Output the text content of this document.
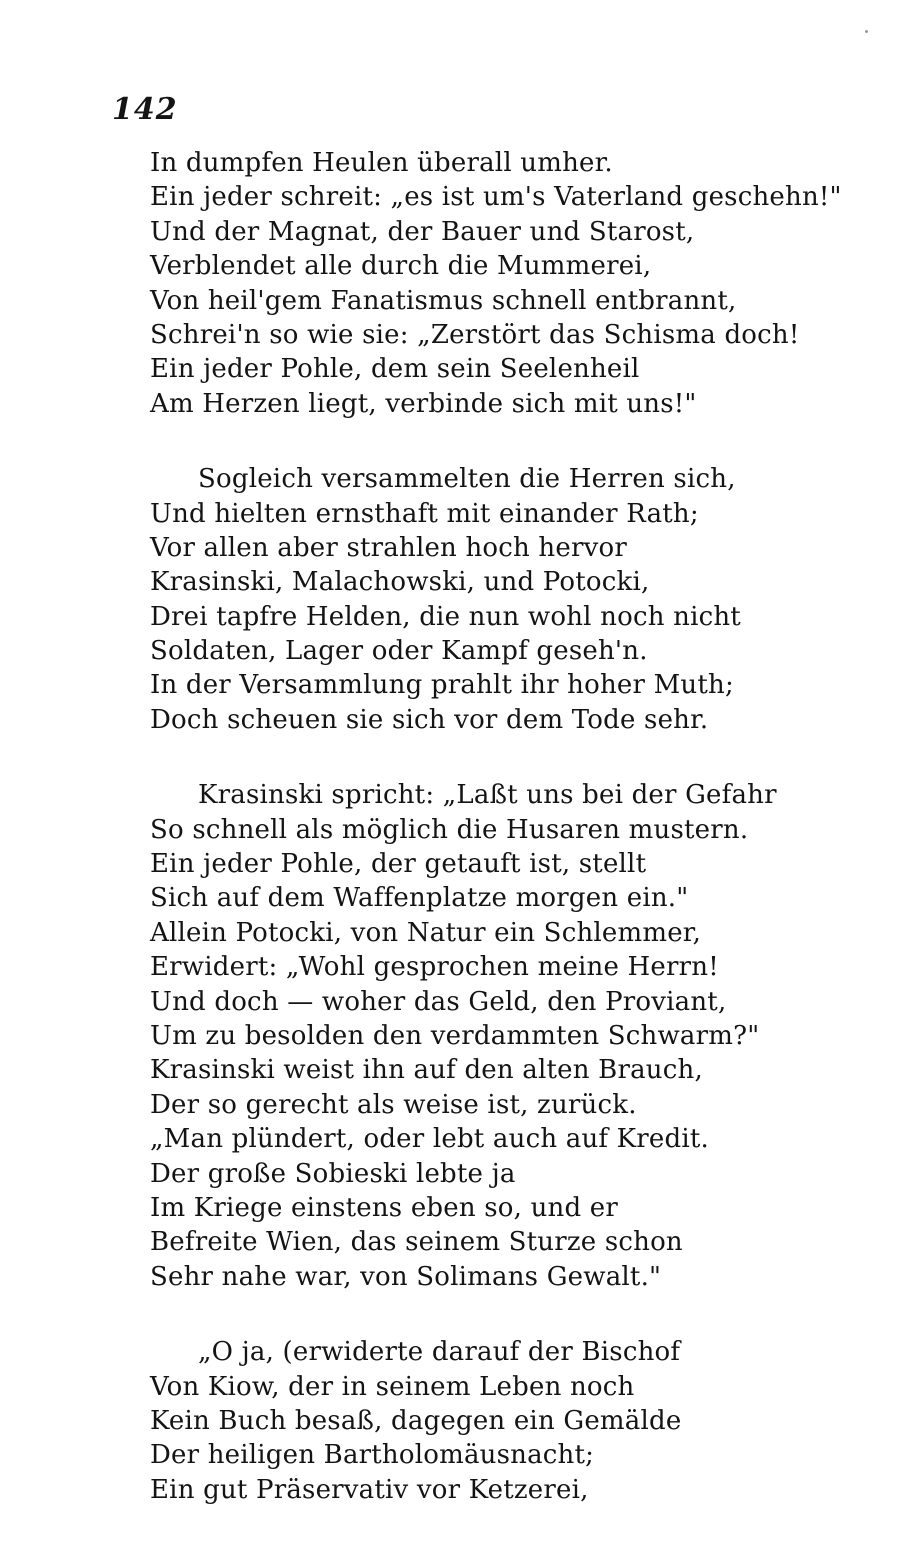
142
In dumpfen Heulen überall umher.
Ein jeder schreit: „es ist um's Vaterland geschehn!"
Und der Magnat, der Bauer und Starost,
Verblendet alle durch die Mummerei,
Von heil'gem Fanatismus schnell entbrannt,
Schrei'n so wie sie: „Zerstört das Schisma doch!
Ein jeder Pohle, dem sein Seelenheil
Am Herzen liegt, verbinde sich mit uns!"
Sogleich versammelten die Herren sich,
Und hielten ernsthaft mit einander Rath;
Vor allen aber strahlen hoch hervor
Krasinski, Malachowski, und Potocki,
Drei tapfre Helden, die nun wohl noch nicht
Soldaten, Lager oder Kampf geseh'n.
In der Versammlung prahlt ihr hoher Muth;
Doch scheuen sie sich vor dem Tode sehr.
Krasinski spricht: „Laßt uns bei der Gefahr
So schnell als möglich die Husaren mustern.
Ein jeder Pohle, der getauft ist, stellt
Sich auf dem Waffenplatze morgen ein."
Allein Potocki, von Natur ein Schlemmer,
Erwidert: „Wohl gesprochen meine Herrn!
Und doch — woher das Geld, den Proviant,
Um zu besolden den verdammten Schwarm?"
Krasinski weist ihn auf den alten Brauch,
Der so gerecht als weise ist, zurück.
„Man plündert, oder lebt auch auf Kredit.
Der große Sobieski lebte ja
Im Kriege einstens eben so, und er
Befreite Wien, das seinem Sturze schon
Sehr nahe war, von Solimans Gewalt."
„O ja, (erwiderte darauf der Bischof
Von Kiow, der in seinem Leben noch
Kein Buch besaß, dagegen ein Gemälde
Der heiligen Bartholomäusnacht;
Ein gut Präservativ vor Ketzerei,
